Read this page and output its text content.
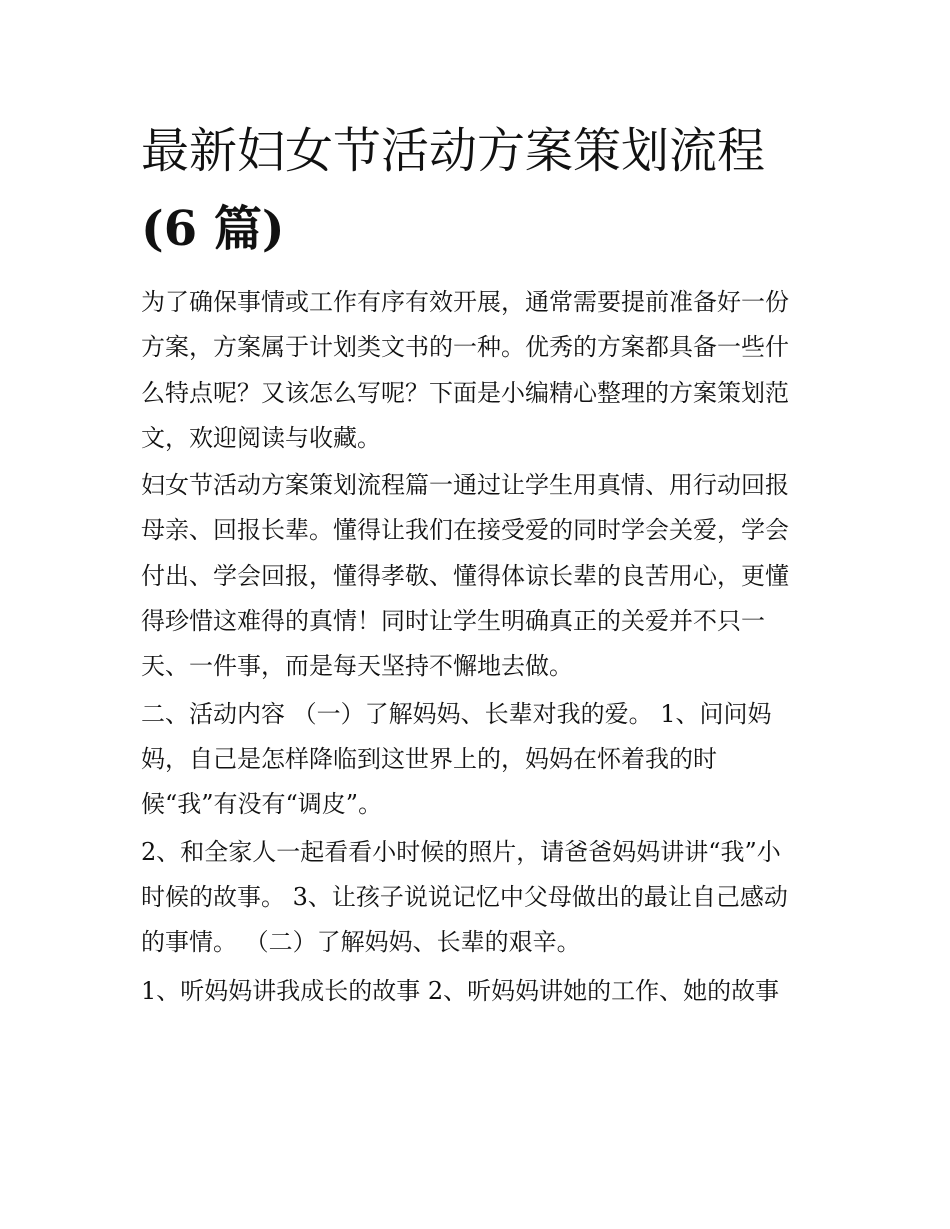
最新妇女节活动方案策划流程
(6 篇)

为了确保事情或工作有序有效开展，通常需要提前准备好一份
方案，方案属于计划类文书的一种。优秀的方案都具备一些什
么特点呢？又该怎么写呢？下面是小编精心整理的方案策划范
文，欢迎阅读与收藏。

妇女节活动方案策划流程篇一通过让学生用真情、用行动回报
母亲、回报长辈。懂得让我们在接受爱的同时学会关爱，学会
付出、学会回报，懂得孝敬、懂得体谅长辈的良苦用心，更懂
得珍惜这难得的真情！同时让学生明确真正的关爱并不只一
天、一件事，而是每天坚持不懈地去做。

二、活动内容 （一）了解妈妈、长辈对我的爱。 1、问问妈
妈，自己是怎样降临到这世界上的，妈妈在怀着我的时
候“我”有没有“调皮”。

2、和全家人一起看看小时候的照片，请爸爸妈妈讲讲“我”小
时候的故事。 3、让孩子说说记忆中父母做出的最让自己感动
的事情。 （二）了解妈妈、长辈的艰辛。

1、听妈妈讲我成长的故事 2、听妈妈讲她的工作、她的故事
